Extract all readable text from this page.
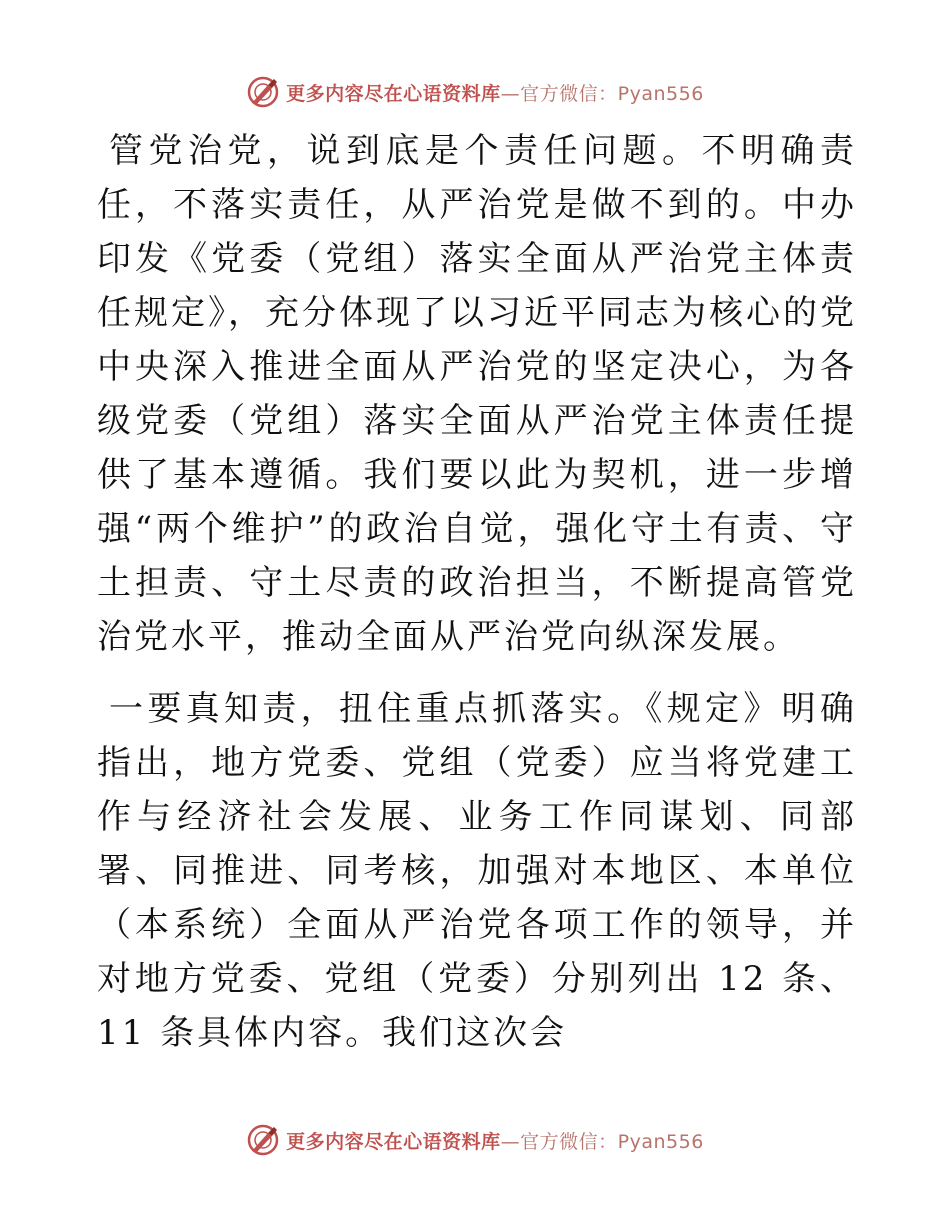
更多内容尽在心语资料库—官方微信：Pyan556

管党治党，说到底是个责任问题。不明确责任，不落实责任，从严治党是做不到的。中办印发《党委（党组）落实全面从严治党主体责任规定》，充分体现了以习近平同志为核心的党中央深入推进全面从严治党的坚定决心，为各级党委（党组）落实全面从严治党主体责任提供了基本遵循。我们要以此为契机，进一步增强“两个维护”的政治自觉，强化守土有责、守土担责、守土尽责的政治担当，不断提高管党治党水平，推动全面从严治党向纵深发展。

一要真知责，扭住重点抓落实。《规定》明确指出，地方党委、党组（党委）应当将党建工作与经济社会发展、业务工作同谋划、同部署、同推进、同考核，加强对本地区、本单位（本系统）全面从严治党各项工作的领导，并对地方党委、党组（党委）分别列出 12 条、11 条具体内容。我们这次会

更多内容尽在心语资料库—官方微信：Pyan556
